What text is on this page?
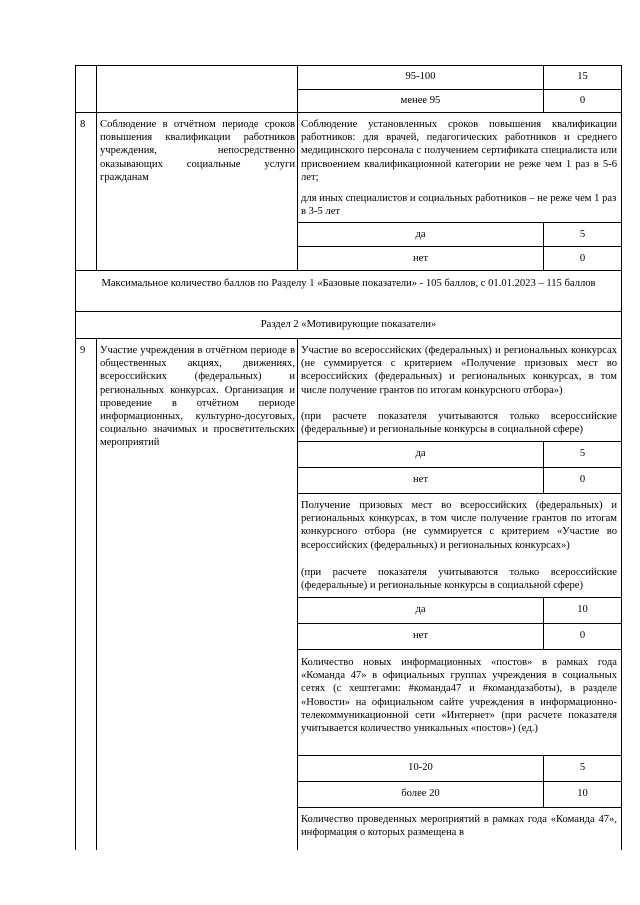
95-100	15
менее 95	0
8 Соблюдение в отчётном периоде сроков повышения квалификации работников учреждения, непосредственно оказывающих социальные услуги гражданам
Соблюдение установленных сроков повышения квалификации работников: для врачей, педагогических работников и среднего медицинского персонала с получением сертификата специалиста или присвоением квалификационной категории не реже чем 1 раз в 5-6 лет;
для иных специалистов и социальных работников – не реже чем 1 раз в 3-5 лет
да	5
нет	0
Максимальное количество баллов по Разделу 1 «Базовые показатели» - 105 баллов, с 01.01.2023 – 115 баллов
Раздел 2 «Мотивирующие показатели»
9 Участие учреждения в отчётном периоде в общественных акциях, движениях, всероссийских (федеральных) и региональных конкурсах. Организация и проведение в отчётном периоде информационных, культурно-досуговых, социально значимых и просветительских мероприятий
Участие во всероссийских (федеральных) и региональных конкурсах (не суммируется с критерием «Получение призовых мест во всероссийских (федеральных) и региональных конкурсах, в том числе получение грантов по итогам конкурсного отбора»)
(при расчете показателя учитываются только всероссийские (федеральные) и региональные конкурсы в социальной сфере)
да	5
нет	0
Получение призовых мест во всероссийских (федеральных) и региональных конкурсах, в том числе получение грантов по итогам конкурсного отбора (не суммируется с критерием «Участие во всероссийских (федеральных) и региональных конкурсах»)
(при расчете показателя учитываются только всероссийские (федеральные) и региональные конкурсы в социальной сфере)
да	10
нет	0
Количество новых информационных «постов» в рамках года «Команда 47» в официальных группах учреждения в социальных сетях (с хештегами: #команда47 и #командазаботы), в разделе «Новости» на официальном сайте учреждения в информационно-телекоммуникационной сети «Интернет» (при расчете показателя учитывается количество уникальных «постов») (ед.)
10-20	5
более 20	10
Количество проведенных мероприятий в рамках года «Команда 47», информация о которых размещена в
